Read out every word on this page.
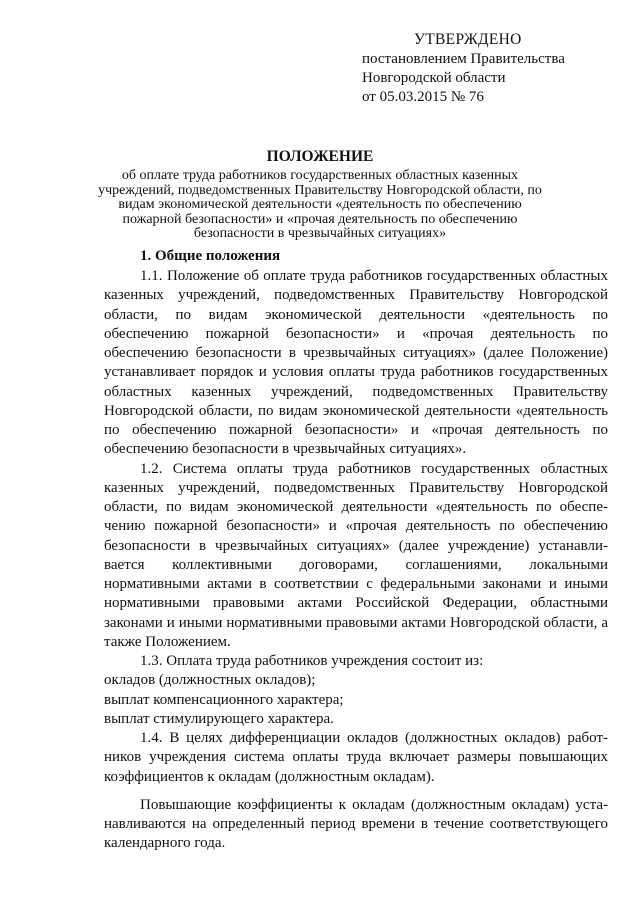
УТВЕРЖДЕНО
постановлением Правительства
Новгородской области
от 05.03.2015 № 76
ПОЛОЖЕНИЕ
об оплате труда работников государственных областных казенных учреждений, подведомственных Правительству Новгородской области, по видам экономической деятельности «деятельность по обеспечению пожарной безопасности» и «прочая деятельность по обеспечению безопасности в чрезвычайных ситуациях»
1. Общие положения

1.1. Положение об оплате труда работников государственных областных казенных учреждений, подведомственных Правительству Новгородской области, по видам экономической деятельности «деятельность по обеспечению пожарной безопасности» и «прочая деятельность по обеспечению безопасности в чрезвычайных ситуациях» (далее Положение) устанавливает порядок и условия оплаты труда работников государственных областных казенных учреждений, подведомственных Правительству Новгородской области, по видам экономической деятельности «деятельность по обеспечению пожарной безопасности» и «прочая деятельность по обеспечению безопасности в чрезвычайных ситуациях».

1.2. Система оплаты труда работников государственных областных казенных учреждений, подведомственных Правительству Новгородской области, по видам экономической деятельности «деятельность по обеспечению пожарной безопасности» и «прочая деятельность по обеспечению безопасности в чрезвычайных ситуациях» (далее учреждение) устанавливается коллективными договорами, соглашениями, локальными нормативными актами в соответствии с федеральными законами и иными нормативными правовыми актами Российской Федерации, областными законами и иными нормативными правовыми актами Новгородской области, а также Положением.

1.3. Оплата труда работников учреждения состоит из:

окладов (должностных окладов);

выплат компенсационного характера;

выплат стимулирующего характера.

1.4. В целях дифференциации окладов (должностных окладов) работников учреждения система оплаты труда включает размеры повышающих коэффициентов к окладам (должностным окладам).

Повышающие коэффициенты к окладам (должностным окладам) устанавливаются на определенный период времени в течение соответствующего календарного года.
